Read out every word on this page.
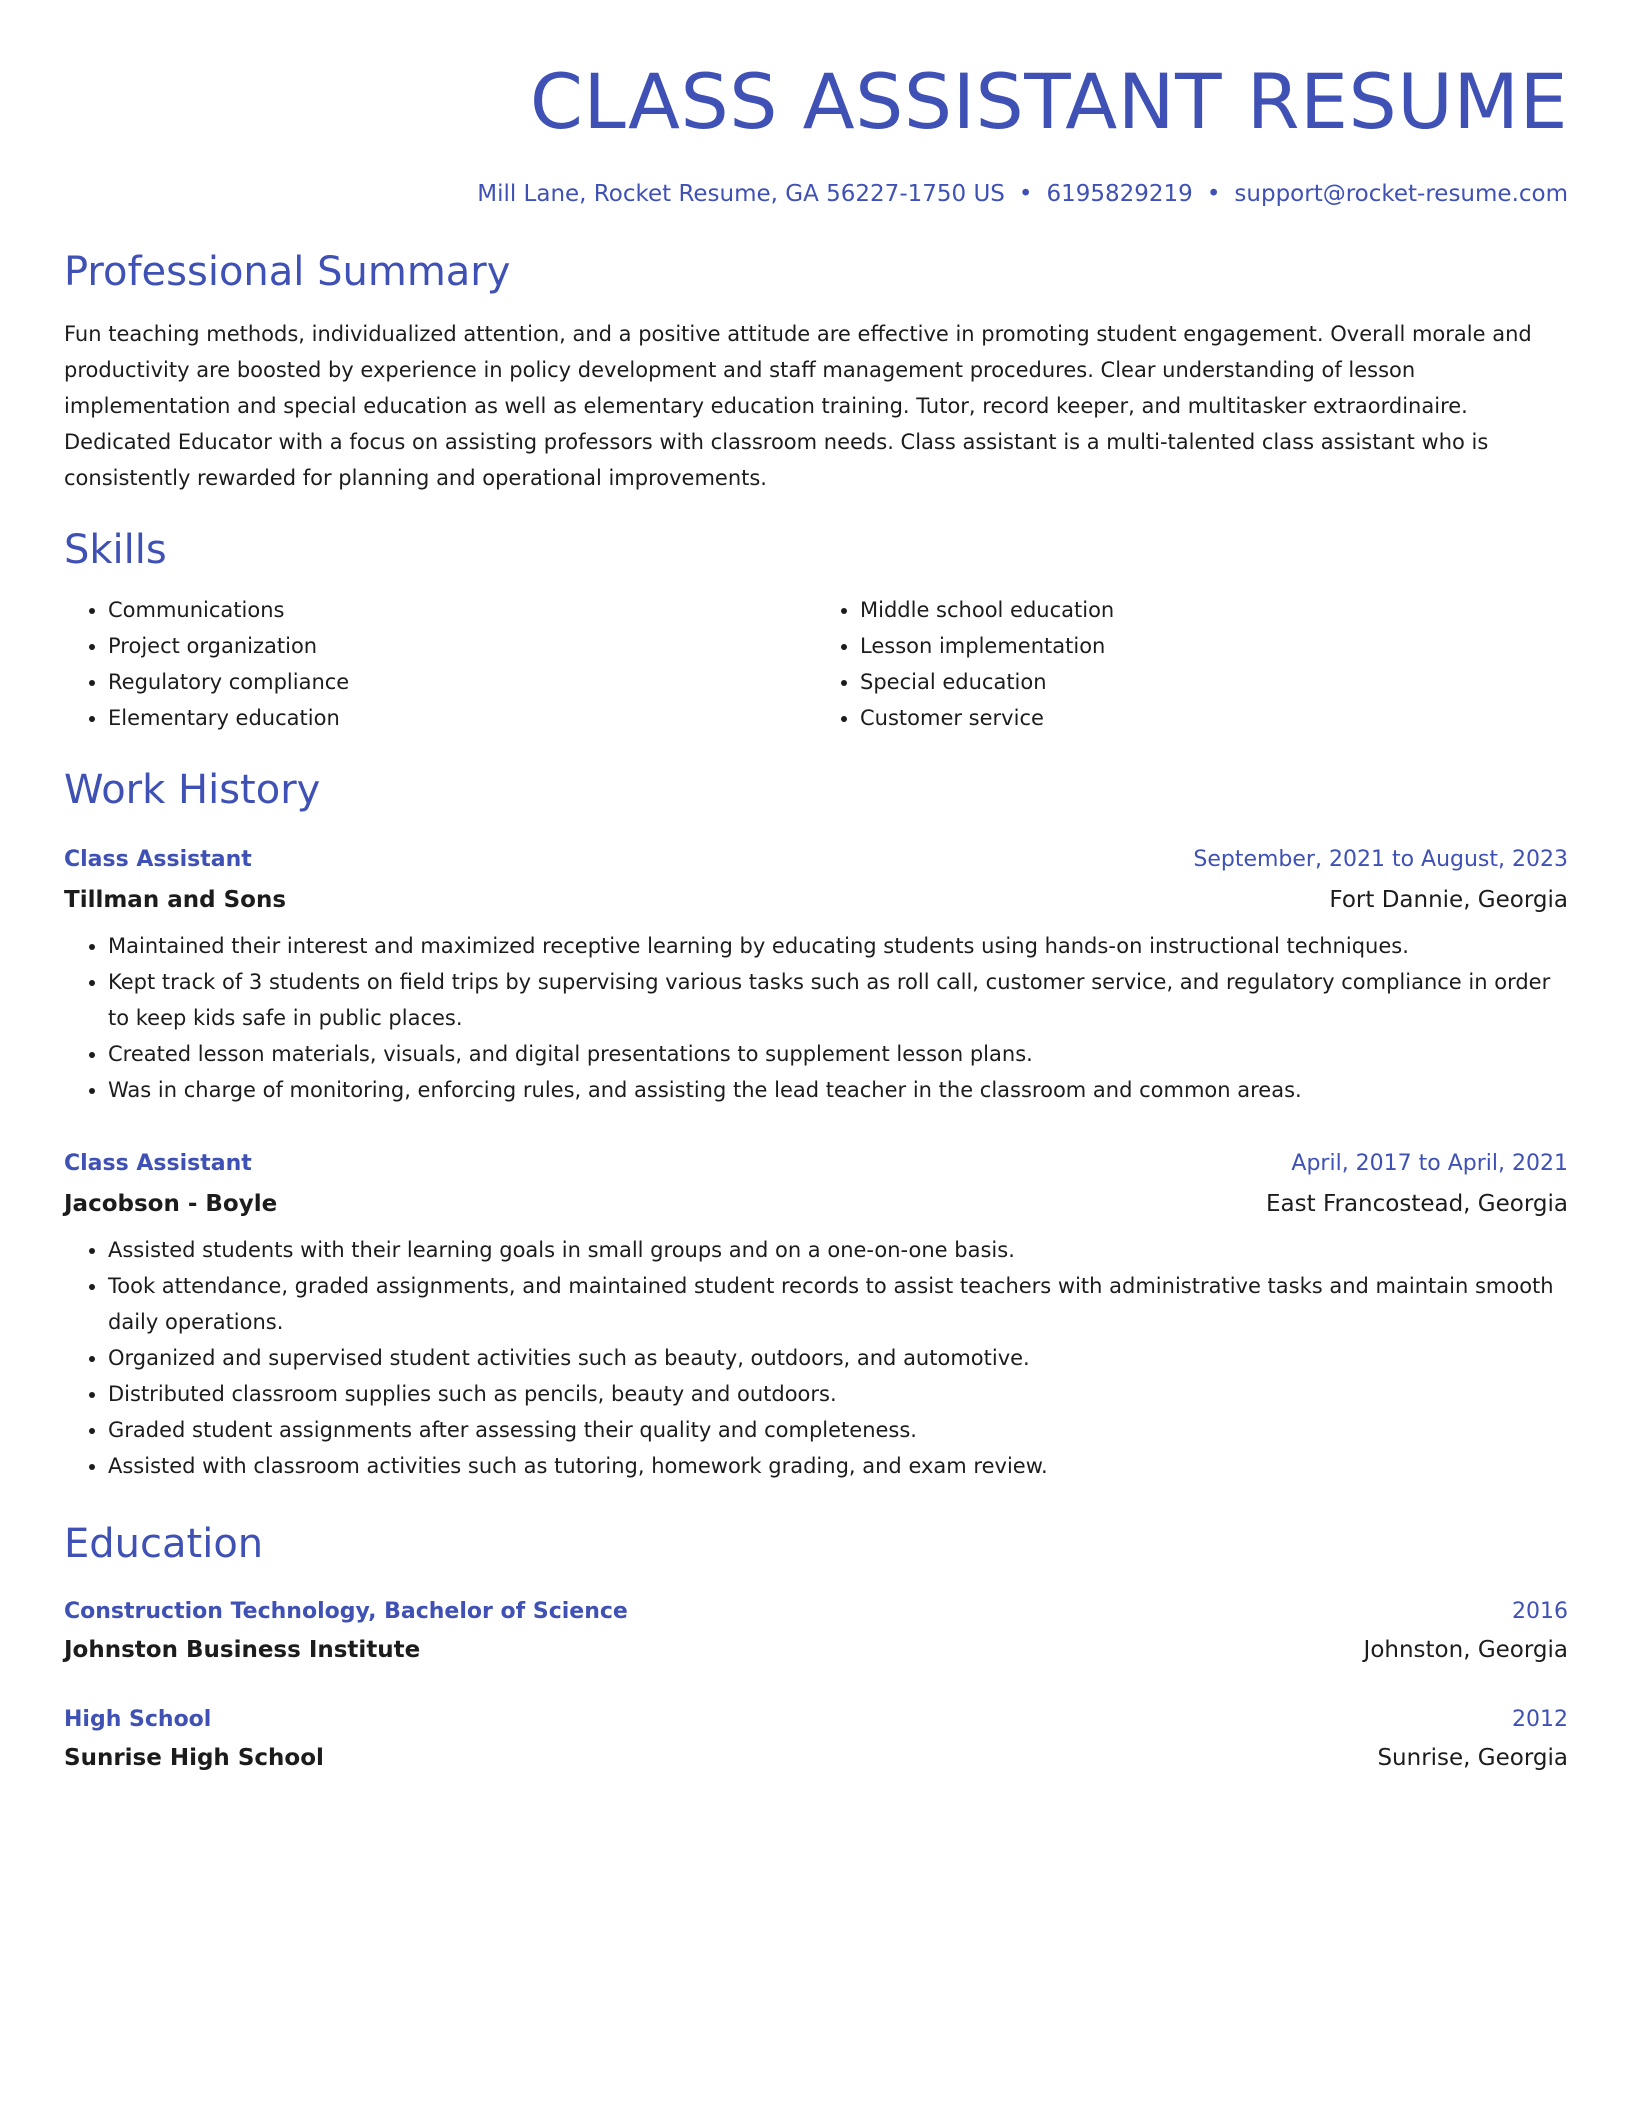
CLASS ASSISTANT RESUME
Mill Lane, Rocket Resume, GA 56227-1750 US • 6195829219 • support@rocket-resume.com
Professional Summary

Fun teaching methods, individualized attention, and a positive attitude are effective in promoting student engagement. Overall morale and productivity are boosted by experience in policy development and staff management procedures. Clear understanding of lesson implementation and special education as well as elementary education training. Tutor, record keeper, and multitasker extraordinaire. Dedicated Educator with a focus on assisting professors with classroom needs. Class assistant is a multi-talented class assistant who is consistently rewarded for planning and operational improvements.

Skills
• Communications
• Project organization
• Regulatory compliance
• Elementary education
• Middle school education
• Lesson implementation
• Special education
• Customer service
Work History
Class Assistant	September, 2021 to August, 2023
Tillman and Sons	Fort Dannie, Georgia
• Maintained their interest and maximized receptive learning by educating students using hands-on instructional techniques.
• Kept track of 3 students on field trips by supervising various tasks such as roll call, customer service, and regulatory compliance in order to keep kids safe in public places.
• Created lesson materials, visuals, and digital presentations to supplement lesson plans.
• Was in charge of monitoring, enforcing rules, and assisting the lead teacher in the classroom and common areas.
Class Assistant	April, 2017 to April, 2021
Jacobson - Boyle	East Francostead, Georgia
• Assisted students with their learning goals in small groups and on a one-on-one basis.
• Took attendance, graded assignments, and maintained student records to assist teachers with administrative tasks and maintain smooth daily operations.
• Organized and supervised student activities such as beauty, outdoors, and automotive.
• Distributed classroom supplies such as pencils, beauty and outdoors.
• Graded student assignments after assessing their quality and completeness.
• Assisted with classroom activities such as tutoring, homework grading, and exam review.
Education
Construction Technology, Bachelor of Science	2016
Johnston Business Institute	Johnston, Georgia
High School	2012
Sunrise High School	Sunrise, Georgia
